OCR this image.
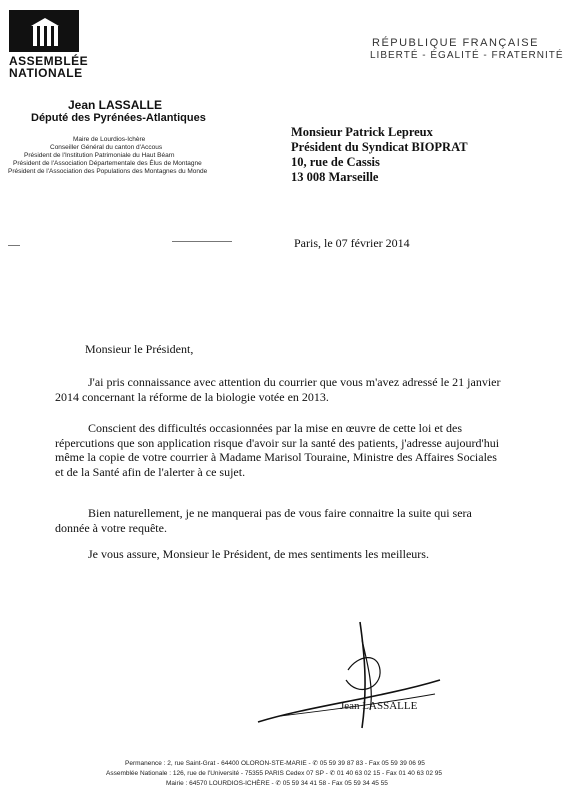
ASSEMBLÉE
NATIONALE
RÉPUBLIQUE FRANÇAISE
LIBERTÉ - ÉGALITÉ - FRATERNITÉ
Jean LASSALLE
Député des Pyrénées-Atlantiques
Maire de Lourdios-Ichère
Conseiller Général du canton d'Accous
Président de l'Institution Patrimoniale du Haut Béarn
Président de l'Association Départementale des Élus de Montagne
Président de l'Association des Populations des Montagnes du Monde
Monsieur Patrick Lepreux
Président du Syndicat BIOPRAT
10, rue de Cassis
13 008 Marseille
Paris, le 07 février 2014
Monsieur le Président,
J'ai pris connaissance avec attention du courrier que vous m'avez adressé le 21 janvier
2014 concernant la réforme de la biologie votée en 2013.
Conscient des difficultés occasionnées par la mise en œuvre de cette loi et des
répercutions que son application risque d'avoir sur la santé des patients, j'adresse aujourd'hui
même la copie de votre courrier à Madame Marisol Touraine, Ministre des Affaires Sociales
et de la Santé afin de l'alerter à ce sujet.
Bien naturellement, je ne manquerai pas de vous faire connaitre la suite qui sera
donnée à votre requête.
Je vous assure, Monsieur le Président, de mes sentiments les meilleurs.
Jean LASSALLE
Permanence : 2, rue Saint-Grat - 64400 OLORON-STE-MARIE - ✆ 05 59 39 87 83 - Fax 05 59 39 06 95
Assemblée Nationale : 126, rue de l'Université - 75355 PARIS Cedex 07 SP - ✆ 01 40 63 02 15 - Fax 01 40 63 02 95
Mairie : 64570 LOURDIOS-ICHÈRE - ✆ 05 59 34 41 58 - Fax 05 59 34 45 55
